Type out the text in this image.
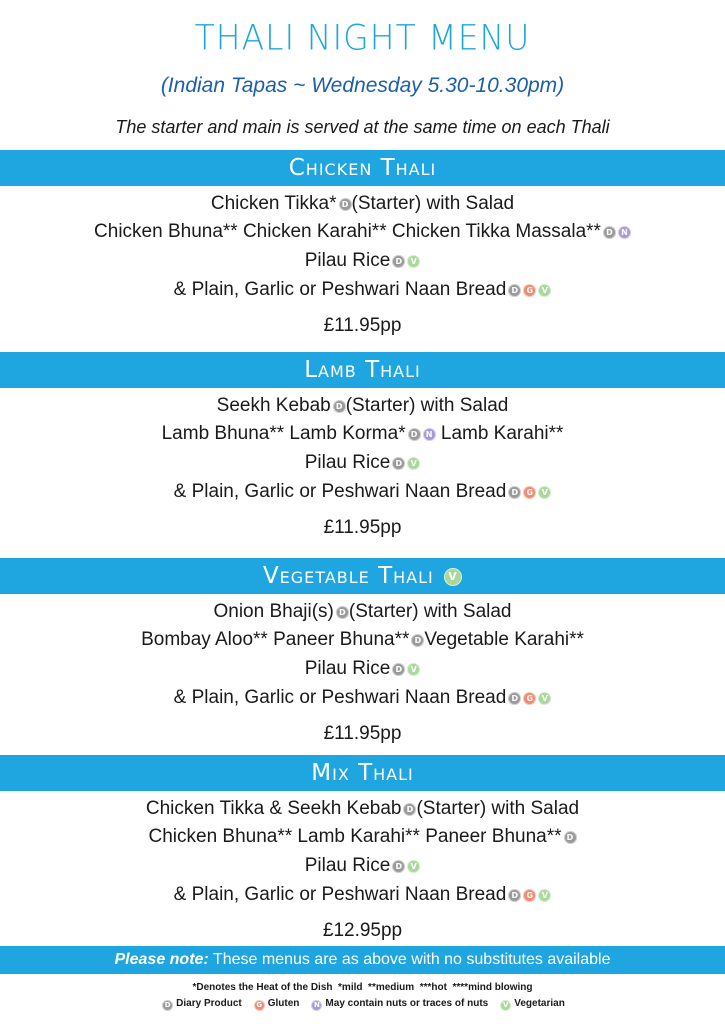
THALI NIGHT MENU
(Indian Tapas ~ Wednesday 5.30-10.30pm)
The starter and main is served at the same time on each Thali
Chicken Thali
Chicken Tikka* D (Starter) with Salad
Chicken Bhuna** Chicken Karahi** Chicken Tikka Massala** D N
Pilau Rice D V
& Plain, Garlic or Peshwari Naan Bread D G V
£11.95pp
Lamb Thali
Seekh Kebab D (Starter) with Salad
Lamb Bhuna** Lamb Korma* D N Lamb Karahi**
Pilau Rice D V
& Plain, Garlic or Peshwari Naan Bread D G V
£11.95pp
Vegetable Thali V
Onion Bhaji(s) D (Starter) with Salad
Bombay Aloo** Paneer Bhuna** D Vegetable Karahi**
Pilau Rice D V
& Plain, Garlic or Peshwari Naan Bread D G V
£11.95pp
Mix Thali
Chicken Tikka & Seekh Kebab D (Starter) with Salad
Chicken Bhuna** Lamb Karahi** Paneer Bhuna** D
Pilau Rice D V
& Plain, Garlic or Peshwari Naan Bread D G V
£12.95pp
Please note: These menus are as above with no substitutes available
*Denotes the Heat of the Dish  *mild  **medium  ***hot  ****mind blowing
D Diary Product G Gluten N May contain nuts or traces of nuts V Vegetarian
